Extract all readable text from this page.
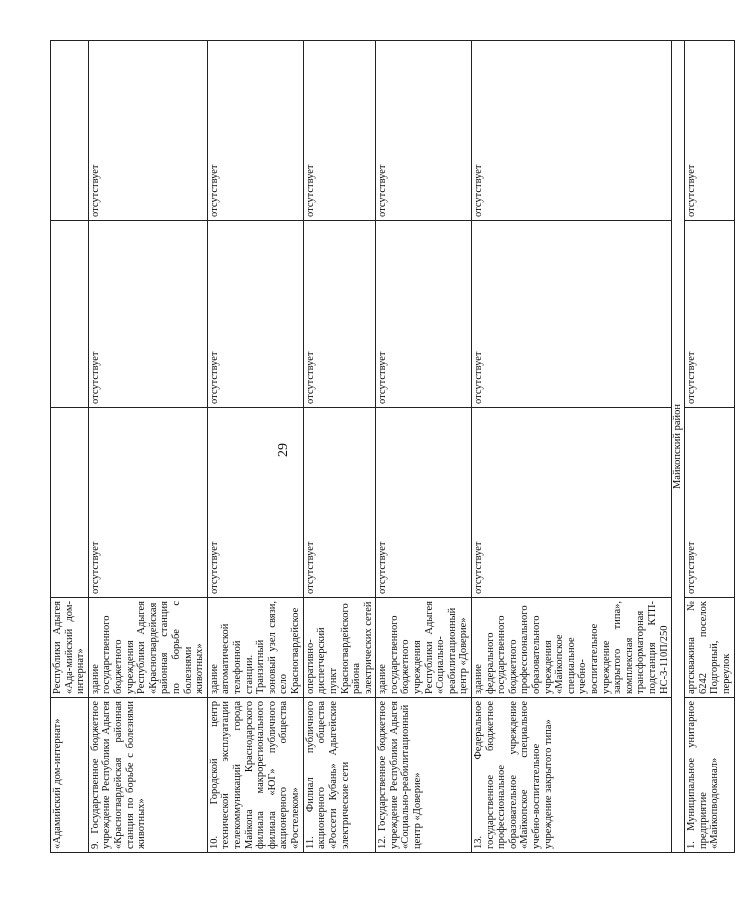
29
«Адамийский дом-интернат»	Республики Адыгея «Ада-мийский дом-интернат»			
9. Государственное бюджетное учреждение Республики Адыгея «Красногвардейская районная станция по борьбе с болезнями животных»	здание государственного бюджетного учреждения Республики Адыгея «Красногвардейская районная станция по борьбе с болезнями животных»	отсутствует	отсутствует	отсутствует
10. Городской центр технической эксплуатации телекоммуникаций города Майкопа Краснодарского филиала макрорегионального филиала «ЮГ» публичного акционерного общества «Ростелеком»	здание автоматической телефонной станции. Транзитный зоновый узел связи, село Красногвардейское	отсутствует	отсутствует	отсутствует
11. Филиал публичного акционерного общества «Россети Кубань» Адыгейские электрические сети	оперативно-диспетчерский пункт Красногвардейского района электрических сетей	отсутствует	отсутствует	отсутствует
12. Государственное бюджетное учреждение Республики Адыгея «Социально-реабилитационный центр «Доверие»	здание государственного бюджетного учреждения Республики Адыгея «Социально-реабилитационный центр «Доверие»	отсутствует	отсутствует	отсутствует
13. Федеральное государственное бюджетное профессиональное образовательное учреждение «Майкопское специальное учебно-воспитательное учреждение закрытого типа»	здание федерального государственного бюджетного профессионального образовательного учреждения «Майкопское специальное учебно-воспитательное учреждение закрытого типа», комплексная трансформаторная подстанция КТП-НС-3-110П/250	отсутствует	отсутствует	отсутствует
Майкопский район				
1. Муниципальное унитарное предприятие «Майкопводоканал»	артскважина № 6242 поселок Подгорный, переулок	отсутствует	отсутствует	отсутствует
